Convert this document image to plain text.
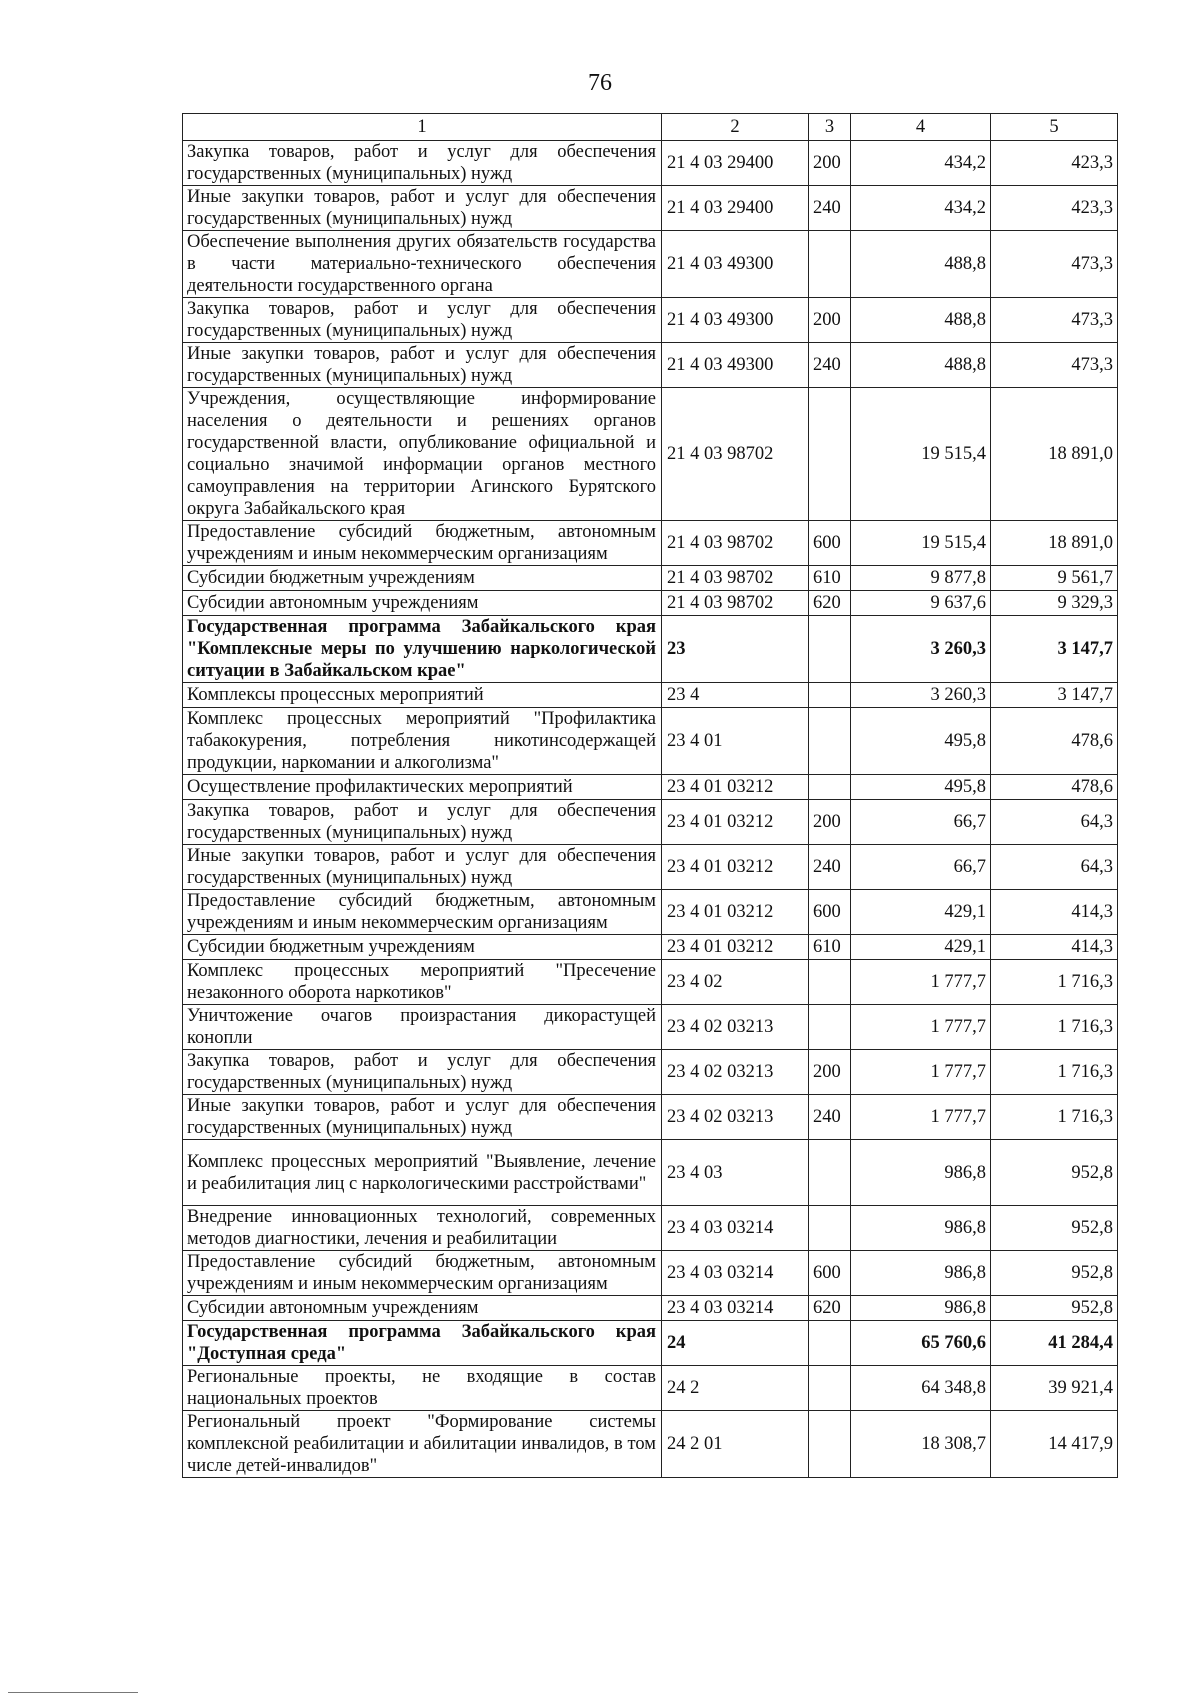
76
1	2	3	4	5
Закупка товаров, работ и услуг для обеспечения государственных (муниципальных) нужд	21 4 03 29400	200	434,2	423,3
Иные закупки товаров, работ и услуг для обеспечения государственных (муниципальных) нужд	21 4 03 29400	240	434,2	423,3
Обеспечение выполнения других обязательств государства в части материально-технического обеспечения деятельности государственного органа	21 4 03 49300		488,8	473,3
Закупка товаров, работ и услуг для обеспечения государственных (муниципальных) нужд	21 4 03 49300	200	488,8	473,3
Иные закупки товаров, работ и услуг для обеспечения государственных (муниципальных) нужд	21 4 03 49300	240	488,8	473,3
Учреждения, осуществляющие информирование населения о деятельности и решениях органов государственной власти, опубликование официальной и социально значимой информации органов местного самоуправления на территории Агинского Бурятского округа Забайкальского края	21 4 03 98702		19 515,4	18 891,0
Предоставление субсидий бюджетным, автономным учреждениям и иным некоммерческим организациям	21 4 03 98702	600	19 515,4	18 891,0
Субсидии бюджетным учреждениям	21 4 03 98702	610	9 877,8	9 561,7
Субсидии автономным учреждениям	21 4 03 98702	620	9 637,6	9 329,3
Государственная программа Забайкальского края "Комплексные меры по улучшению наркологической ситуации в Забайкальском крае"	23		3 260,3	3 147,7
Комплексы процессных мероприятий	23 4		3 260,3	3 147,7
Комплекс процессных мероприятий "Профилактика табакокурения, потребления никотинсодержащей продукции, наркомании и алкоголизма"	23 4 01		495,8	478,6
Осуществление профилактических мероприятий	23 4 01 03212		495,8	478,6
Закупка товаров, работ и услуг для обеспечения государственных (муниципальных) нужд	23 4 01 03212	200	66,7	64,3
Иные закупки товаров, работ и услуг для обеспечения государственных (муниципальных) нужд	23 4 01 03212	240	66,7	64,3
Предоставление субсидий бюджетным, автономным учреждениям и иным некоммерческим организациям	23 4 01 03212	600	429,1	414,3
Субсидии бюджетным учреждениям	23 4 01 03212	610	429,1	414,3
Комплекс процессных мероприятий "Пресечение незаконного оборота наркотиков"	23 4 02		1 777,7	1 716,3
Уничтожение очагов произрастания дикорастущей конопли	23 4 02 03213		1 777,7	1 716,3
Закупка товаров, работ и услуг для обеспечения государственных (муниципальных) нужд	23 4 02 03213	200	1 777,7	1 716,3
Иные закупки товаров, работ и услуг для обеспечения государственных (муниципальных) нужд	23 4 02 03213	240	1 777,7	1 716,3
Комплекс процессных мероприятий "Выявление, лечение и реабилитация лиц с наркологическими расстройствами"	23 4 03		986,8	952,8
Внедрение инновационных технологий, современных методов диагностики, лечения и реабилитации	23 4 03 03214		986,8	952,8
Предоставление субсидий бюджетным, автономным учреждениям и иным некоммерческим организациям	23 4 03 03214	600	986,8	952,8
Субсидии автономным учреждениям	23 4 03 03214	620	986,8	952,8
Государственная программа Забайкальского края "Доступная среда"	24		65 760,6	41 284,4
Региональные проекты, не входящие в состав национальных проектов	24 2		64 348,8	39 921,4
Региональный проект "Формирование системы комплексной реабилитации и абилитации инвалидов, в том числе детей-инвалидов"	24 2 01		18 308,7	14 417,9
